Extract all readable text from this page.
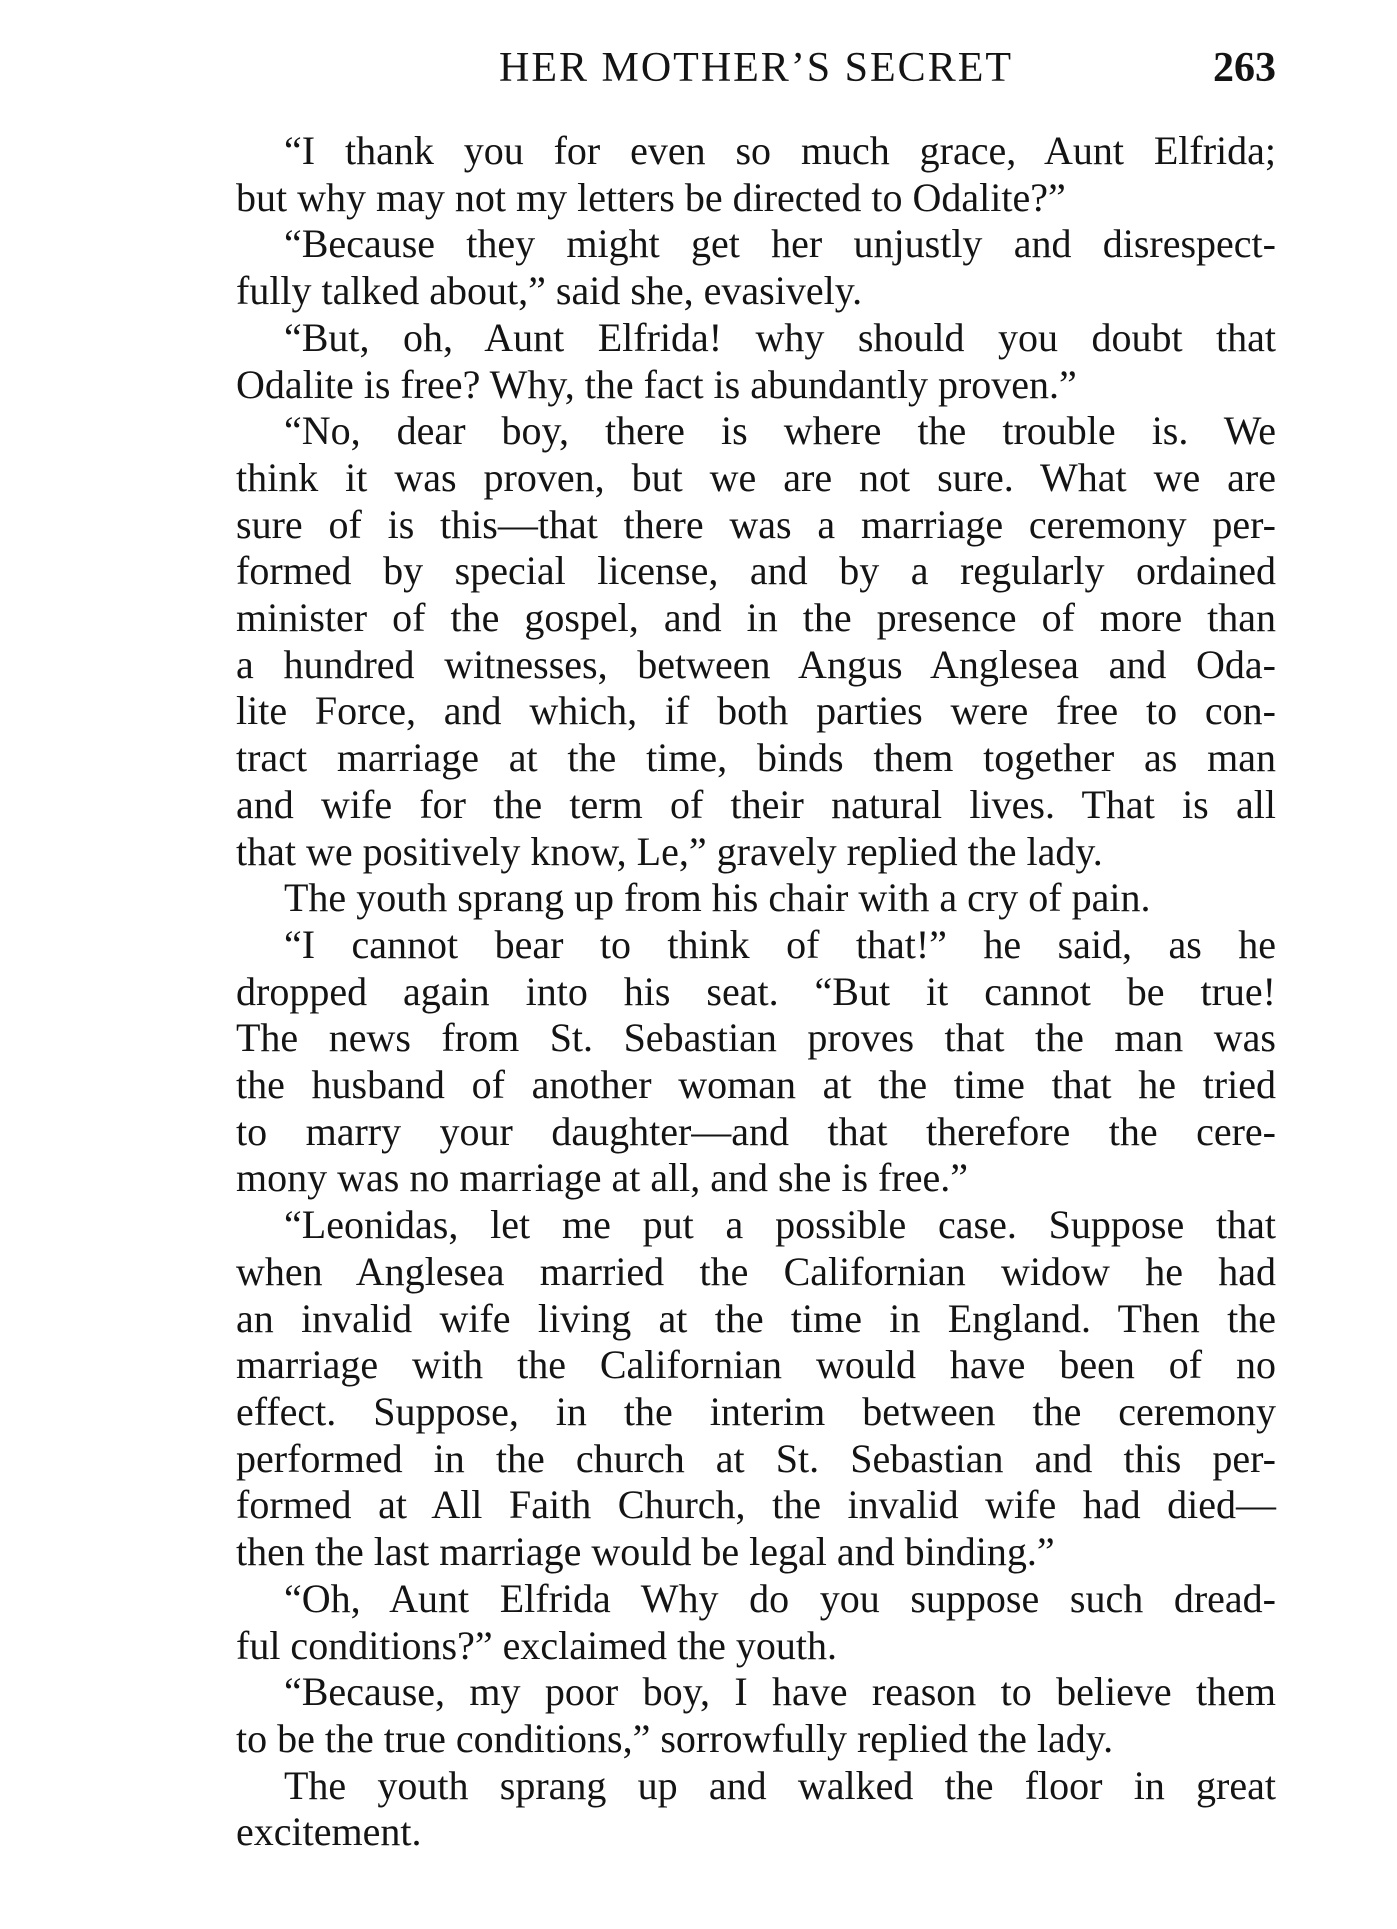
HER MOTHER’S SECRET	263
“I thank you for even so much grace, Aunt Elfrida;
but why may not my letters be directed to Odalite?”
“Because they might get her unjustly and disrespect-
fully talked about,” said she, evasively.
“But, oh, Aunt Elfrida! why should you doubt that
Odalite is free? Why, the fact is abundantly proven.”
“No, dear boy, there is where the trouble is. We
think it was proven, but we are not sure. What we are
sure of is this—that there was a marriage ceremony per-
formed by special license, and by a regularly ordained
minister of the gospel, and in the presence of more than
a hundred witnesses, between Angus Anglesea and Oda-
lite Force, and which, if both parties were free to con-
tract marriage at the time, binds them together as man
and wife for the term of their natural lives. That is all
that we positively know, Le,” gravely replied the lady.
The youth sprang up from his chair with a cry of pain.
“I cannot bear to think of that!” he said, as he
dropped again into his seat. “But it cannot be true!
The news from St. Sebastian proves that the man was
the husband of another woman at the time that he tried
to marry your daughter—and that therefore the cere-
mony was no marriage at all, and she is free.”
“Leonidas, let me put a possible case. Suppose that
when Anglesea married the Californian widow he had
an invalid wife living at the time in England. Then the
marriage with the Californian would have been of no
effect. Suppose, in the interim between the ceremony
performed in the church at St. Sebastian and this per-
formed at All Faith Church, the invalid wife had died—
then the last marriage would be legal and binding.”
“Oh, Aunt Elfrida Why do you suppose such dread-
ful conditions?” exclaimed the youth.
“Because, my poor boy, I have reason to believe them
to be the true conditions,” sorrowfully replied the lady.
The youth sprang up and walked the floor in great
excitement.
